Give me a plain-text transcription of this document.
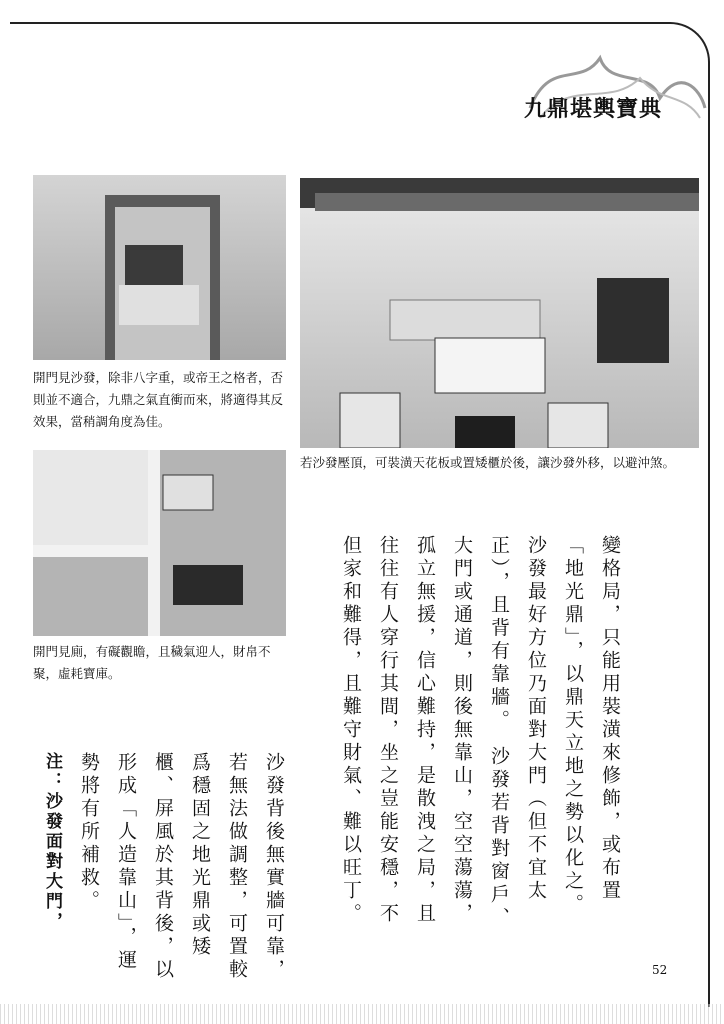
九鼎堪輿寶典
開門見沙發，除非八字重，或帝王之格者，否則並不適合，九鼎之氣直衝而來，將適得其反效果，當稍調角度為佳。
若沙發壓頂，可裝潢天花板或置矮櫃於後，讓沙發外移，以避沖煞。
開門見廁，有礙觀瞻，且穢氣迎人，財帛不聚，虛耗寶庫。	變格局，只能用裝潢來修飾，或布置「地光鼎」，以鼎天立地之勢以化之。　沙發最好方位乃面對大門（但不宜太正），且背有靠牆。　沙發若背對窗戶、大門或通道，則後無靠山，空空蕩蕩，孤立無援，信心難持，是散洩之局，且往往有人穿行其間，坐之豈能安穩，不但家和難得，且難守財氣、難以旺丁。
沙發背後無實牆可靠，若無法做調整，可置較爲穩固之地光鼎或矮櫃、屏風於其背後，以形成「人造靠山」，運勢將有所補救。
注：沙發面對大門，
52
